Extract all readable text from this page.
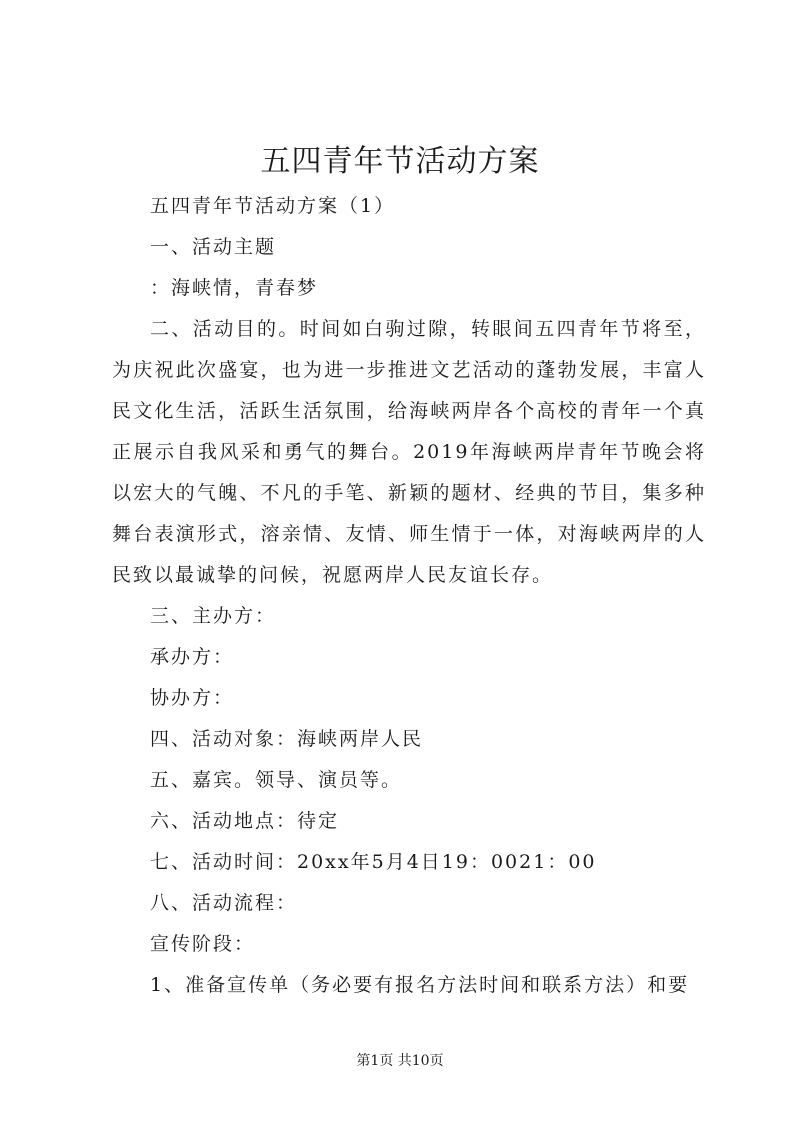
五四青年节活动方案

五四青年节活动方案（1）

一、活动主题

：海峡情，青春梦

二、活动目的。时间如白驹过隙，转眼间五四青年节将至，为庆祝此次盛宴，也为进一步推进文艺活动的蓬勃发展，丰富人民文化生活，活跃生活氛围，给海峡两岸各个高校的青年一个真正展示自我风采和勇气的舞台。2019年海峡两岸青年节晚会将以宏大的气魄、不凡的手笔、新颖的题材、经典的节目，集多种舞台表演形式，溶亲情、友情、师生情于一体，对海峡两岸的人民致以最诚挚的问候，祝愿两岸人民友谊长存。

三、主办方：

承办方：

协办方：

四、活动对象：海峡两岸人民

五、嘉宾。领导、演员等。

六、活动地点：待定

七、活动时间：20xx年5月4日19：0021：00

八、活动流程：

宣传阶段：

1、准备宣传单（务必要有报名方法时间和联系方法）和要

第1页 共10页
